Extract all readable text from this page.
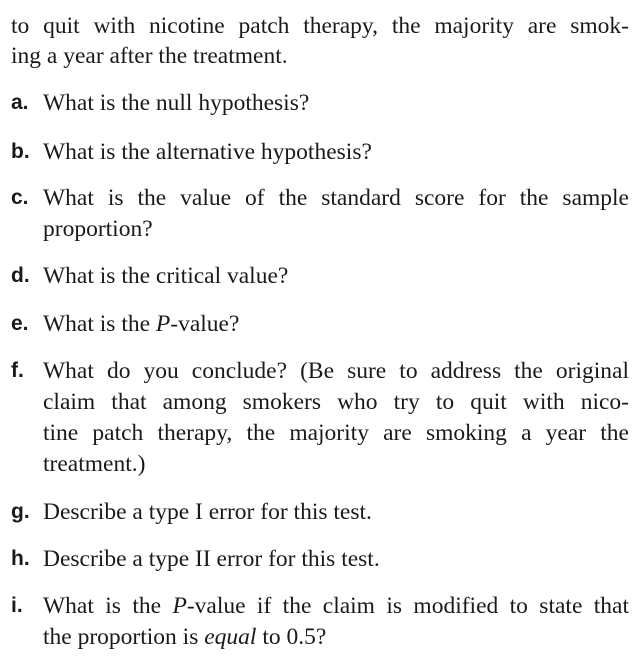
to quit with nicotine patch therapy, the majority are smok-
ing a year after the treatment.
a. What is the null hypothesis?
b. What is the alternative hypothesis?
c. What is the value of the standard score for the sample
proportion?
d. What is the critical value?
e. What is the P-value?
f. What do you conclude? (Be sure to address the original
claim that among smokers who try to quit with nico-
tine patch therapy, the majority are smoking a year the
treatment.)
g. Describe a type I error for this test.
h. Describe a type II error for this test.
i. What is the P-value if the claim is modified to state that
the proportion is equal to 0.5?
